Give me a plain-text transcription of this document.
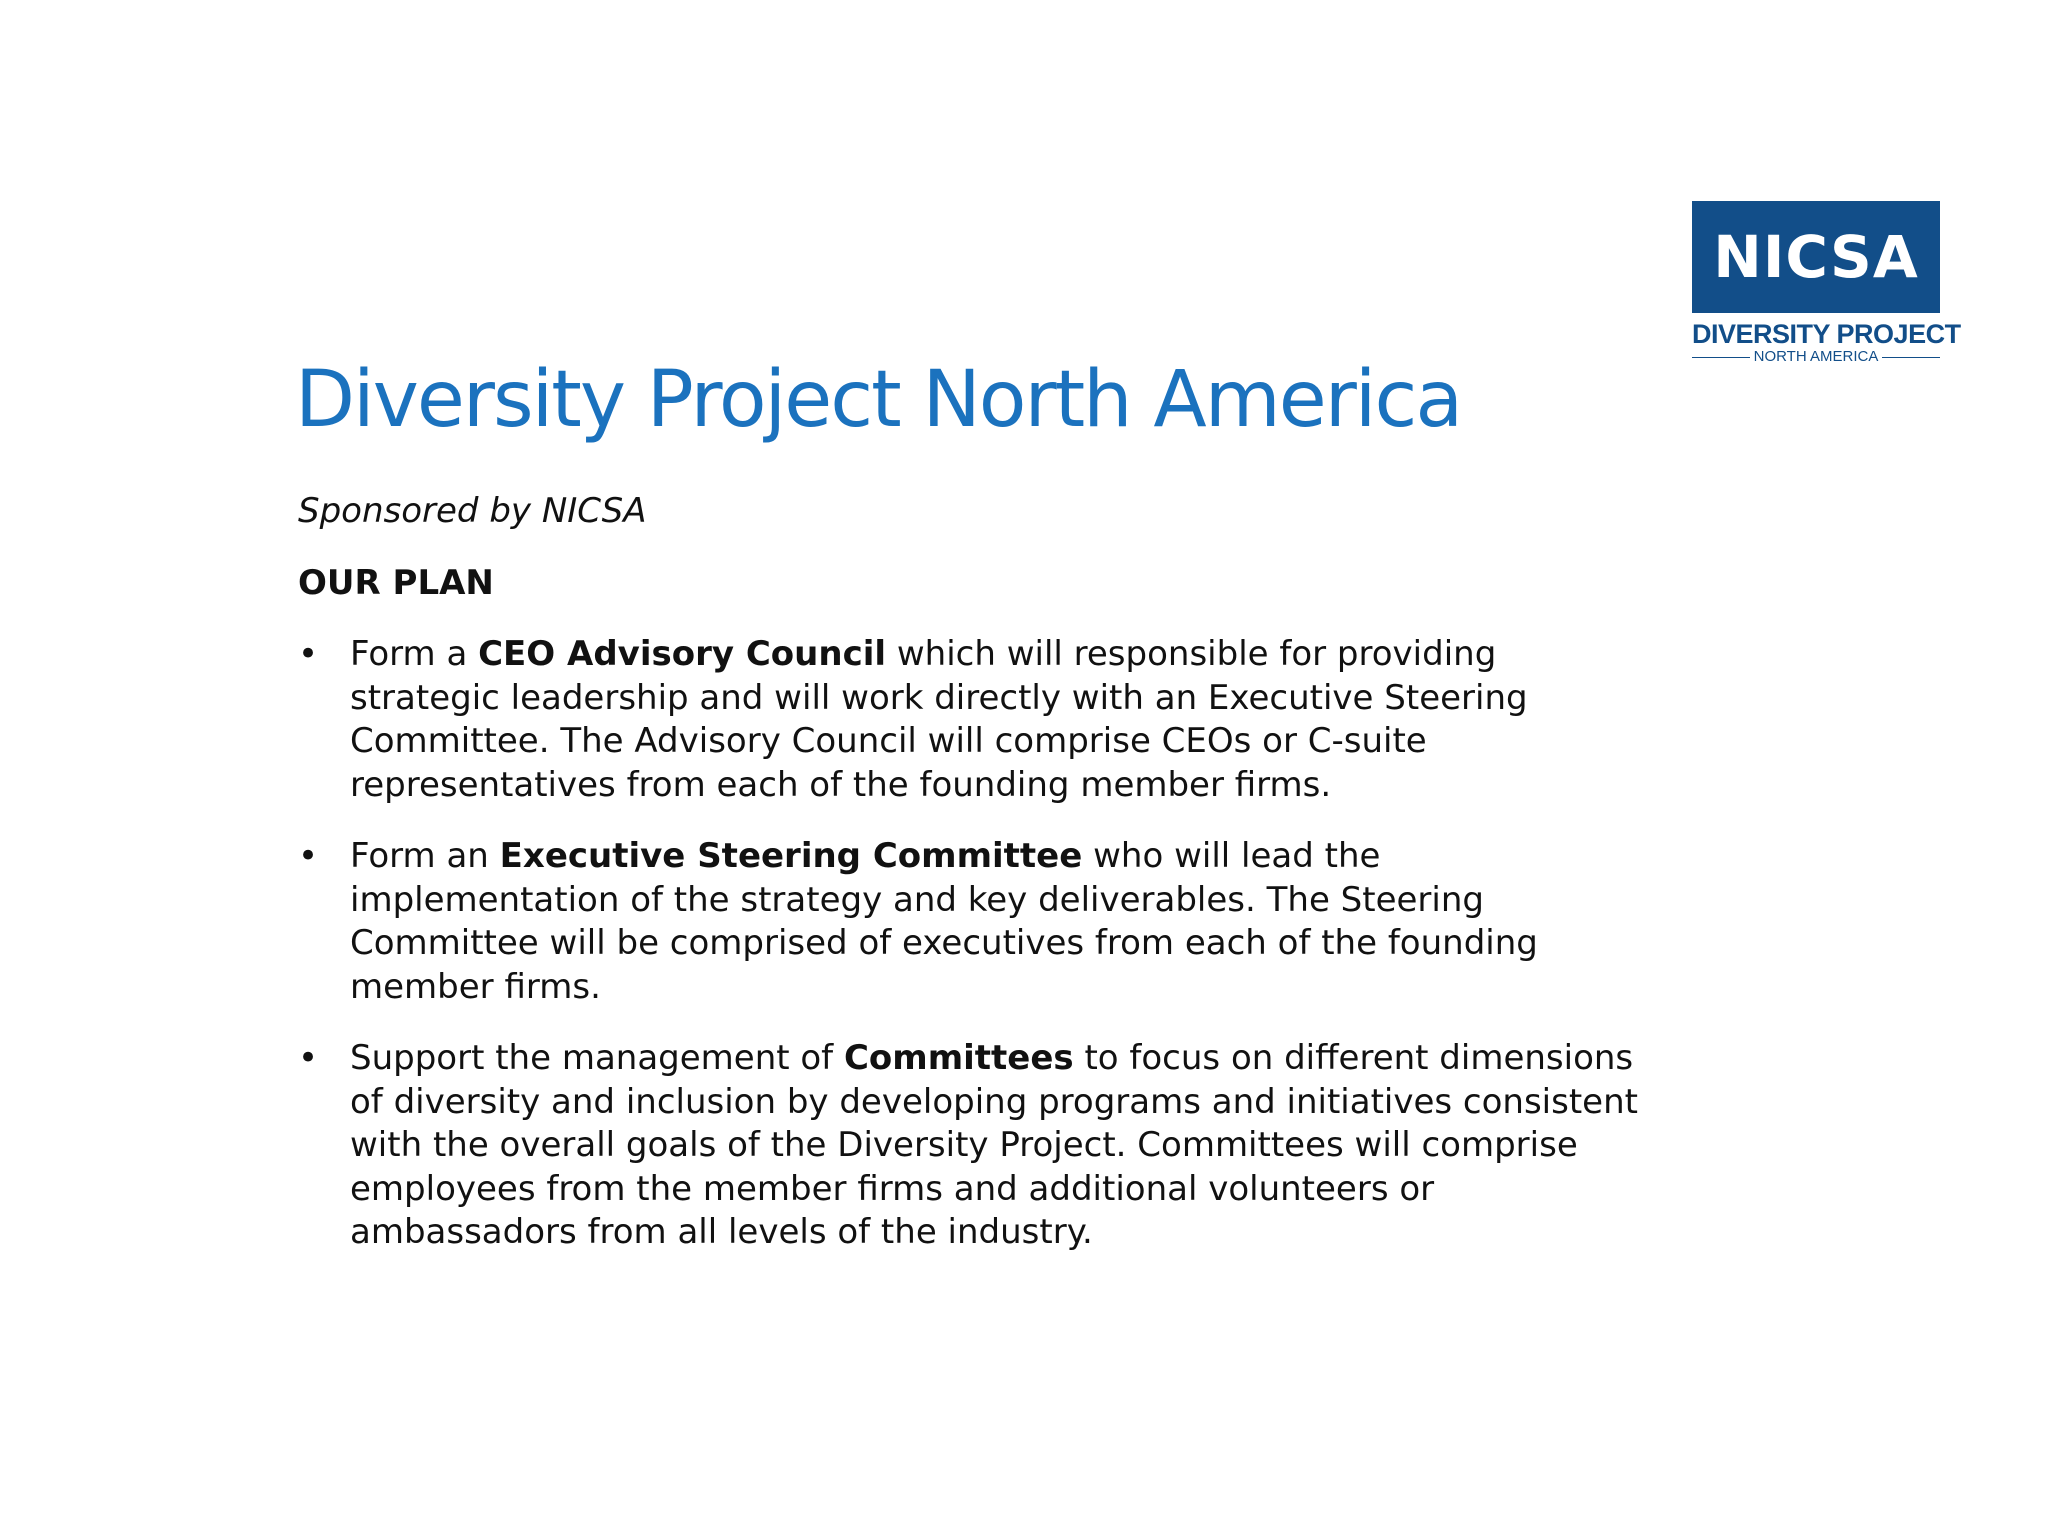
NICSA
DIVERSITY PROJECT
NORTH AMERICA
Diversity Project North America

Sponsored by NICSA

OUR PLAN

• Form a CEO Advisory Council which will responsible for providing strategic leadership and will work directly with an Executive Steering Committee. The Advisory Council will comprise CEOs or C-suite representatives from each of the founding member firms.
• Form an Executive Steering Committee who will lead the implementation of the strategy and key deliverables. The Steering Committee will be comprised of executives from each of the founding member firms.
• Support the management of Committees to focus on different dimensions of diversity and inclusion by developing programs and initiatives consistent with the overall goals of the Diversity Project. Committees will comprise employees from the member firms and additional volunteers or ambassadors from all levels of the industry.
